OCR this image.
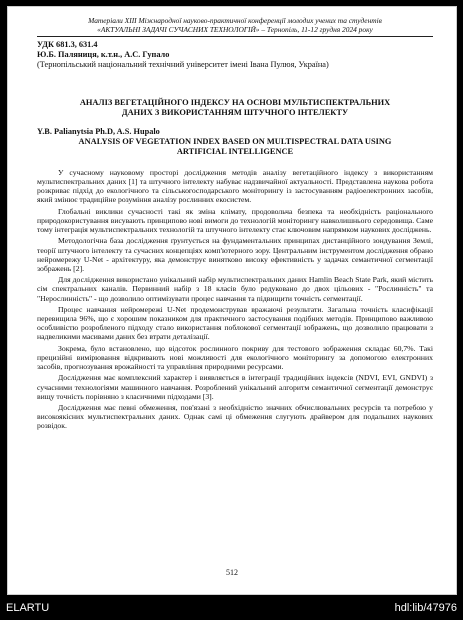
Матеріали XIII Міжнародної науково-практичної конференції молодих учених та студентів
«АКТУАЛЬНІ ЗАДАЧІ СУЧАСНИХ ТЕХНОЛОГІЙ» – Тернопіль, 11-12 грудня 2024 року
УДК 681.3, 631.4
Ю.Б. Паляниця, к.т.н., А.С. Гупало
(Тернопільський національний технічний університет імені Івана Пулюя, Україна)
АНАЛІЗ ВЕГЕТАЦІЙНОГО ІНДЕКСУ НА ОСНОВІ МУЛЬТИСПЕКТРАЛЬНИХ
ДАНИХ З ВИКОРИСТАННЯМ ШТУЧНОГО ІНТЕЛЕКТУ
Y.B. Palianytsia Ph.D, A.S. Hupalo
ANALYSIS OF VEGETATION INDEX BASED ON MULTISPECTRAL DATA USING
ARTIFICIAL INTELLIGENCE

У сучасному науковому просторі дослідження методів аналізу вегетаційного індексу з використанням мультиспектральних даних [1] та штучного інтелекту набуває надзвичайної актуальності. Представлена наукова робота розкриває підхід до екологічного та сільськогосподарського моніторингу із застосуванням радіоелектронних засобів, який змінює традиційне розуміння аналізу рослинних екосистем.

Глобальні виклики сучасності такі як зміна клімату, продовольча безпека та необхідність раціонального природокористування висувають принципово нові вимоги до технологій моніторингу навколишнього середовища. Саме тому інтеграція мультиспектральних технологій та штучного інтелекту стає ключовим напрямком наукових досліджень.

Методологічна база дослідження ґрунтується на фундаментальних принципах дистанційного зондування Землі, теорії штучного інтелекту та сучасних концепціях комп'ютерного зору. Центральним інструментом дослідження обрано нейромережу U-Net - архітектуру, яка демонструє винятково високу ефективність у задачах семантичної сегментації зображень [2].

Для дослідження використано унікальний набір мультиспектральних даних Hamlin Beach State Park, який містить сім спектральних каналів. Первинний набір з 18 класів було редуковано до двох цільових - "Рослинність" та "Нерослинність" - що дозволило оптимізувати процес навчання та підвищити точність сегментації.

Процес навчання нейромережі U-Net продемонстрував вражаючі результати. Загальна точність класифікації перевищила 96%, що є хорошим показником для практичного застосування подібних методів. Принципово важливою особливістю розробленого підходу стало використання поблокової сегментації зображень, що дозволило працювати з надвеликими масивами даних без втрати деталізації.

Зокрема, було встановлено, що відсоток рослинного покриву для тестового зображення складає 60,7%. Такі прецизійні вимірювання відкривають нові можливості для екологічного моніторингу за допомогою електронних засобів, прогнозування врожайності та управління природними ресурсами.

Дослідження має комплексний характер і виявляється в інтеграції традиційних індексів (NDVI, EVI, GNDVI) з сучасними технологіями машинного навчання. Розроблений унікальний алгоритм семантичної сегментації демонструє вищу точність порівняно з класичними підходами [3].

Дослідження має певні обмеження, пов'язані з необхідністю значних обчислювальних ресурсів та потребою у високоякісних мультиспектральних даних. Однак самі ці обмеження слугують драйвером для подальших наукових розвідок.

512
ELARTU	hdl:lib/47976
